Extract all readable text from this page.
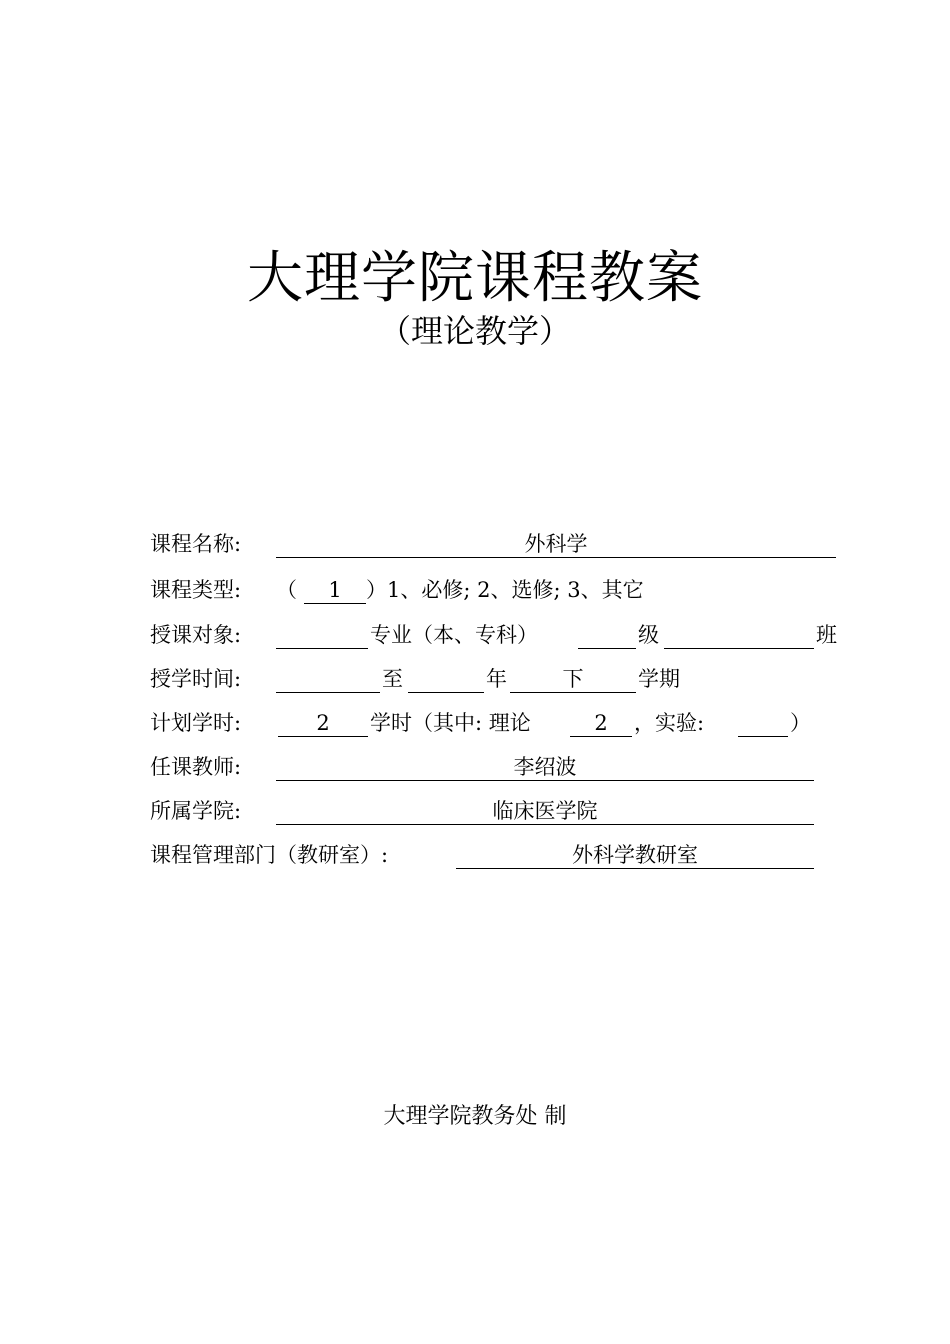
大理学院课程教案
（理论教学）
课程名称:	外科学
课程类型: （	1	）1、必修; 2、选修; 3、其它
授课对象:	专业（本、专科）	级	班
授学时间:	至	年	下	学期
计划学时:	2	学时（其中: 理论	2	，实验:	）
任课教师:	李绍波
所属学院:	临床医学院
课程管理部门（教研室）:	外科学教研室
大理学院教务处 制
